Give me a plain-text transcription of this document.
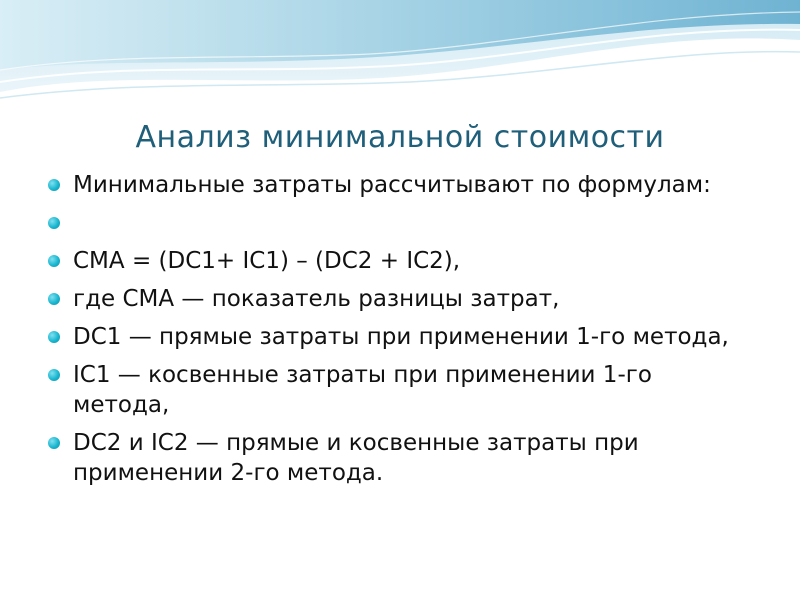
Анализ минимальной стоимости
Минимальные затраты рассчитывают по формулам:
CMA = (DC1+ IC1) – (DC2 + IC2),
где CMA — показатель разницы затрат,
DC1 — прямые затраты при применении 1-го метода,
IC1 — косвенные затраты при применении 1-го метода,
DC2 и IC2 — прямые и косвенные затраты при применении 2-го метода.
